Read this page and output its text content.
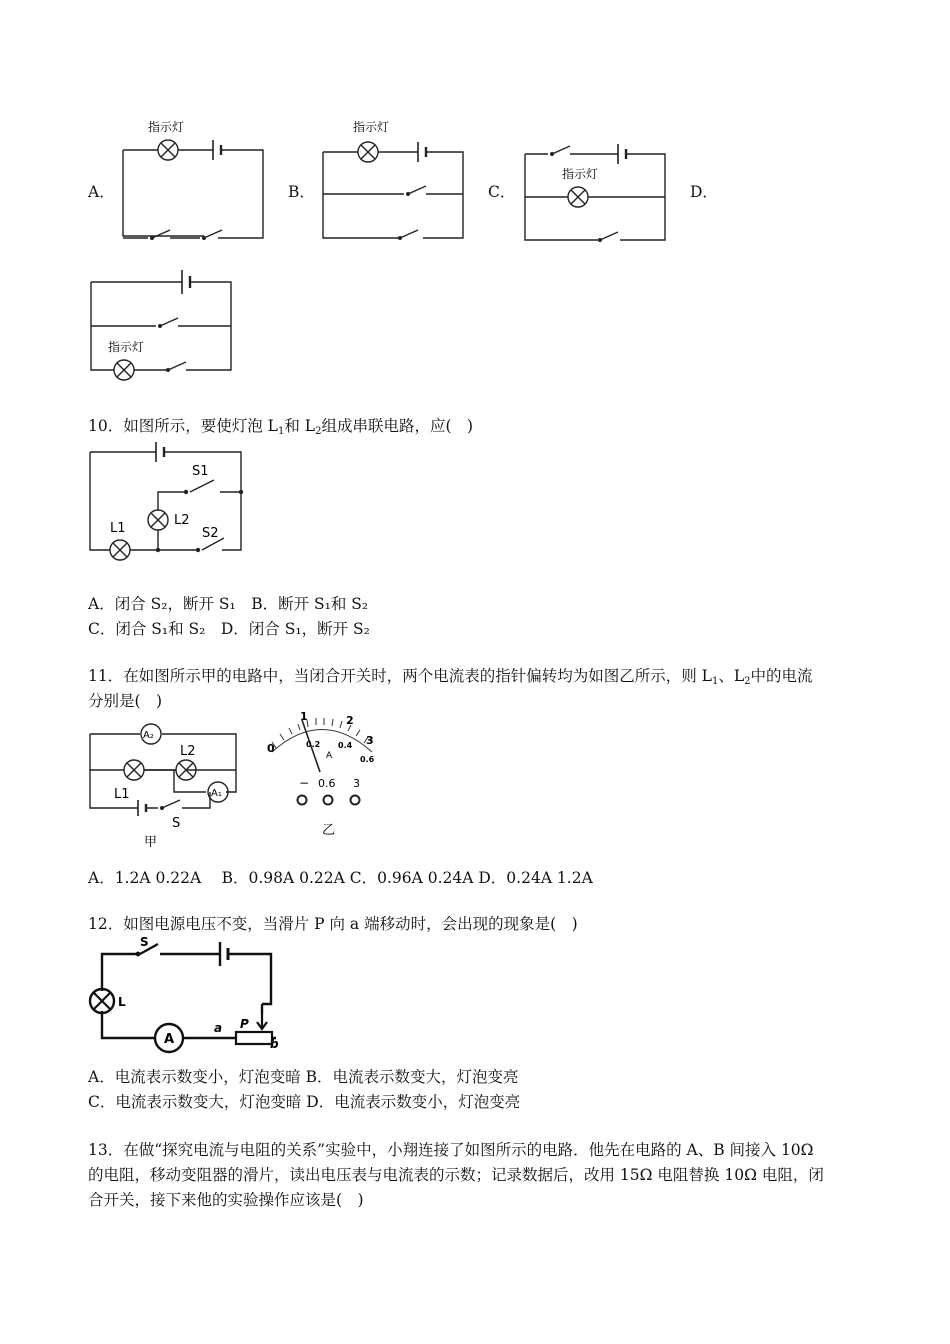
A．	B．	C．	D．
指示灯	指示灯
指示灯
指示灯
10．如图所示，要使灯泡 $L_1$和 $L_2$组成串联电路，应(　)
S1
L1
L2
S2
A．闭合 S₂，断开 S₁　B．断开 S₁和 S₂
C．闭合 S₁和 S₂　D．闭合 S₁，断开 S₂
11．在如图所示甲的电路中，当闭合开关时，两个电流表的指针偏转均为如图乙所示，则 $L_1$、$L_2$中的电流
分别是(　)
A₂
A₁
L2
L1
S
甲
0
1	2
3
0.2 0.4
0.6
A
− 0.6 3
乙
A．1.2A 0.22A　 B．0.98A 0.22A C．0.96A 0.24A D．0.24A 1.2A
12．如图电源电压不变，当滑片 P 向 a 端移动时，会出现的现象是(　)
A
S
L
a P
b
A．电流表示数变小，灯泡变暗 B．电流表示数变大，灯泡变亮
C．电流表示数变大，灯泡变暗 D．电流表示数变小，灯泡变亮
13．在做“探究电流与电阻的关系”实验中，小翔连接了如图所示的电路．他先在电路的 A、B 间接入 10Ω
的电阻，移动变阻器的滑片，读出电压表与电流表的示数；记录数据后，改用 15Ω 电阻替换 10Ω 电阻，闭
合开关，接下来他的实验操作应该是(　)
